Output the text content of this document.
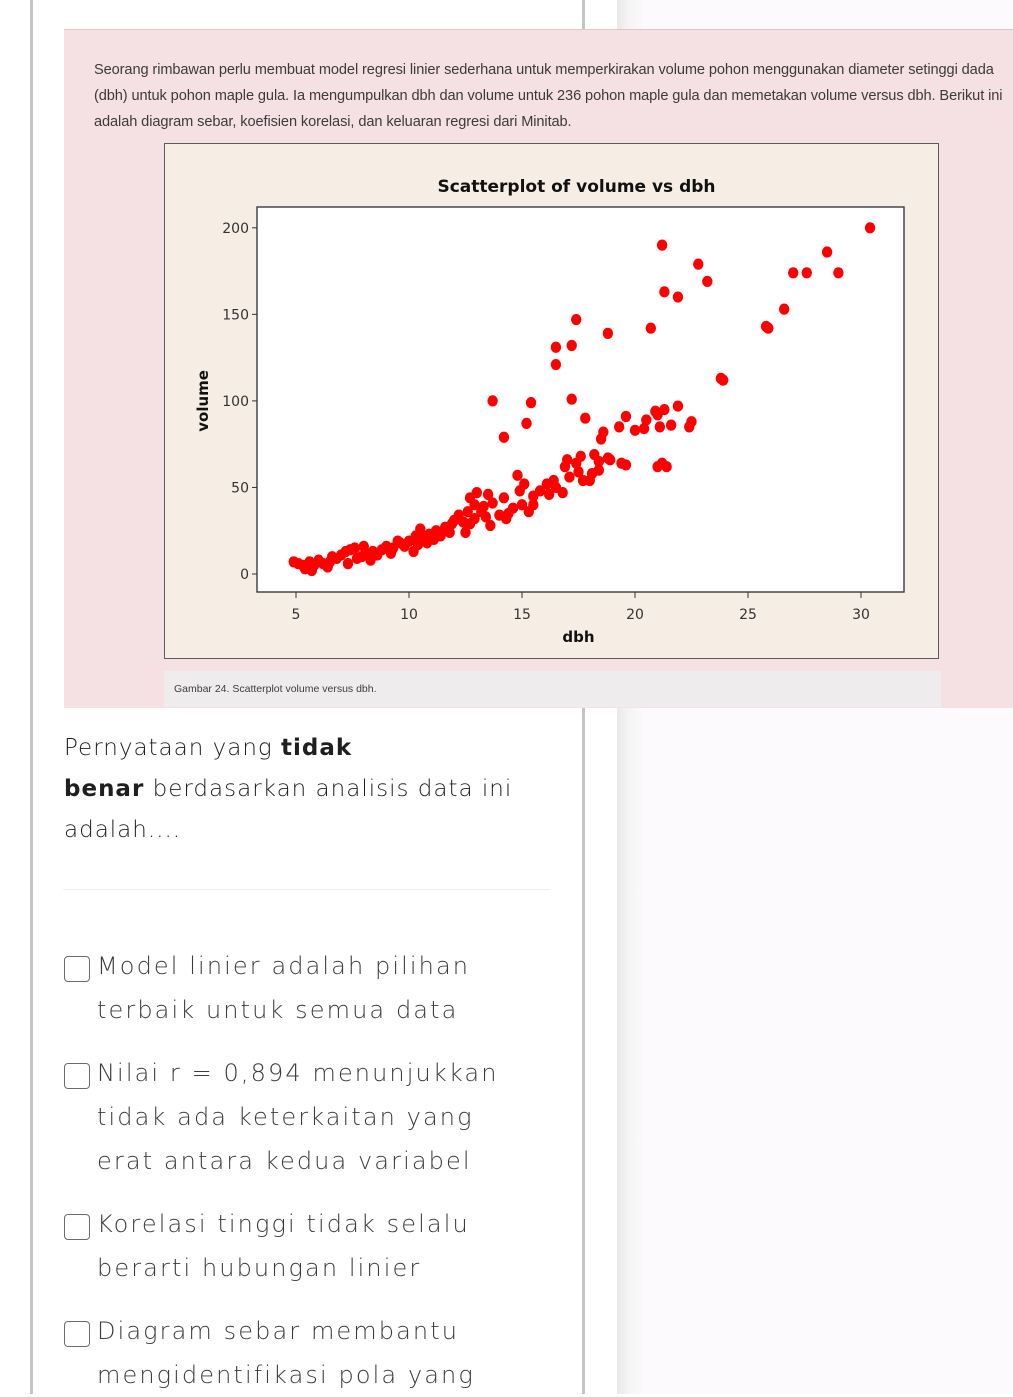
Seorang rimbawan perlu membuat model regresi linier sederhana untuk memperkirakan volume pohon menggunakan diameter setinggi dada (dbh) untuk pohon maple gula. Ia mengumpulkan dbh dan volume untuk 236 pohon maple gula dan memetakan volume versus dbh. Berikut ini adalah diagram sebar, koefisien korelasi, dan keluaran regresi dari Minitab.
Scatterplot of volume vs dbh
0
50
100
150
200
5	10	15	20	25	30
dbh
volume
Gambar 24. Scatterplot volume versus dbh.
Pernyataan yang tidak
benar berdasarkan analisis data ini adalah....
Model linier adalah pilihan terbaik untuk semua data
Nilai r = 0,894 menunjukkan tidak ada keterkaitan yang erat antara kedua variabel
Korelasi tinggi tidak selalu berarti hubungan linier
Diagram sebar membantu mengidentifikasi pola yang
